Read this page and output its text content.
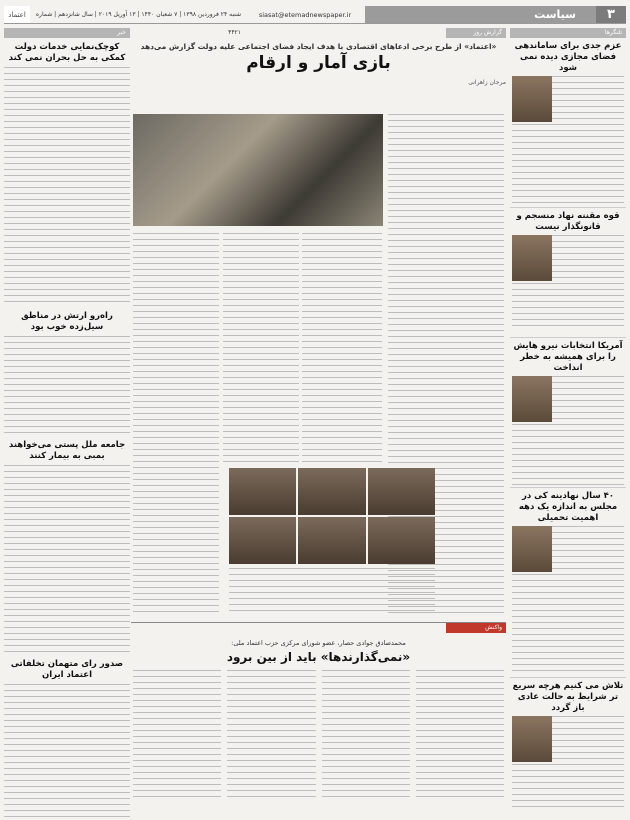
۳
سیاست
siasat@etemadnewspaper.ir
شنبه ۲۴ فروردین ۱۳۹۸ | ۷ شعبان ۱۴۴۰ | ۱۳ آوریل ۲۰۱۹ | سال شانزدهم | شماره ۴۴۲۱
اعتماد
تلنگرها
عزم جدی برای ساماندهی فضای مجازی دیده نمی شود
قوه مقننه نهاد منسجم و قانونگذار نیست
آمریکا انتخابات نیرو هایش را برای همیشه به خطر انداخت
۴۰ سال نهادینه کی در مجلس به اندازه یک دهه اهمیت تحمیلی
تلاش می کنیم هرچه سریع تر شرایط به حالت عادی باز گردد
گزارش روز
«اعتماد» از طرح برخی ادعاهای اقتصادی با هدف ایجاد فضای اجتماعی علیه دولت گزارش می‌دهد
بازی آمار و ارقام
مرجان زاهرانی
خبر
کوچک‌نمایی خدمات دولت کمکی به حل بحران نمی کند
راه‌رو ارتش در مناطق سیل‌زده خوب بود
جامعه ملل پستی می‌خواهند بمبی به بیمار کنند
صدور رای متهمان تخلفاتی اعتماد ایران
واکنش
محمدصادق جوادی حصار، عضو شورای مرکزی حزب اعتماد ملی:
«نمی‌گذارند‌ها» باید از بین برود
